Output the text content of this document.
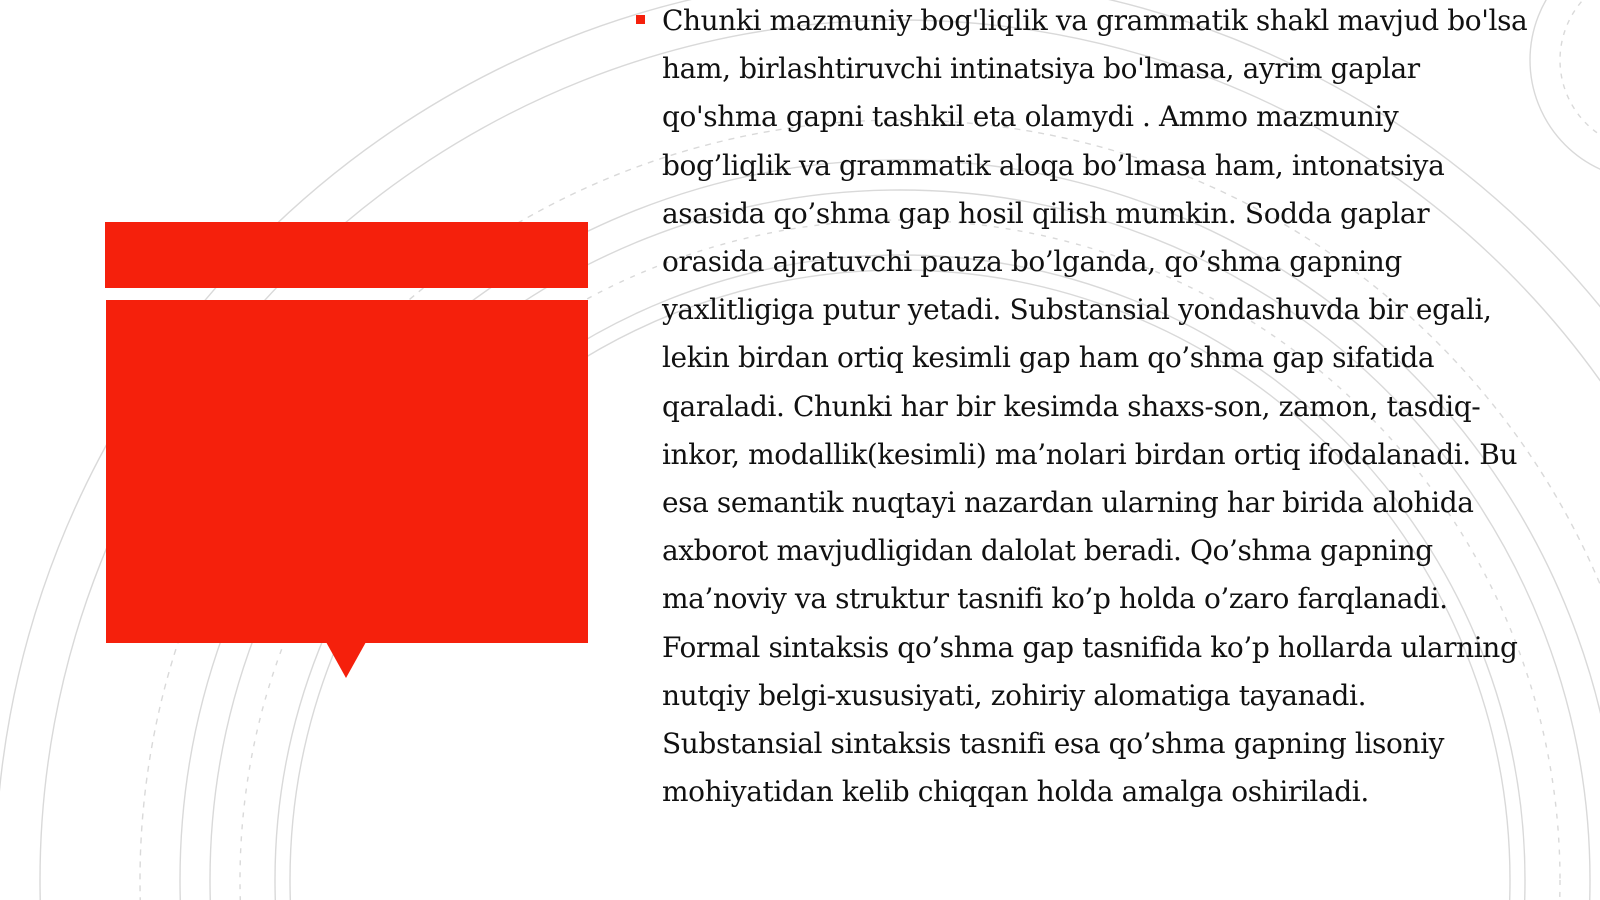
Chunki mazmuniy bog'liqlik va grammatik shakl mavjud bo'lsa ham, birlashtiruvchi intinatsiya bo'lmasa, ayrim gaplar qo'shma gapni tashkil eta olamydi . Ammo mazmuniy bog’liqlik va grammatik aloqa bo’lmasa ham, intonatsiya asasida qo’shma gap hosil qilish mumkin. Sodda gaplar orasida ajratuvchi pauza bo’lganda, qo’shma gapning yaxlitligiga putur yetadi. Substansial yondashuvda bir egali, lekin birdan ortiq kesimli gap ham qo’shma gap sifatida qaraladi. Chunki har bir kesimda shaxs-son, zamon, tasdiq-inkor, modallik(kesimli) ma’nolari birdan ortiq ifodalanadi. Bu esa semantik nuqtayi nazardan ularning har birida alohida axborot mavjudligidan dalolat beradi. Qo’shma gapning ma’noviy va struktur tasnifi ko’p holda o’zaro farqlanadi. Formal sintaksis qo’shma gap tasnifida ko’p hollarda ularning nutqiy belgi-xususiyati, zohiriy alomatiga tayanadi. Substansial sintaksis tasnifi esa qo’shma gapning lisoniy mohiyatidan kelib chiqqan holda amalga oshiriladi.
